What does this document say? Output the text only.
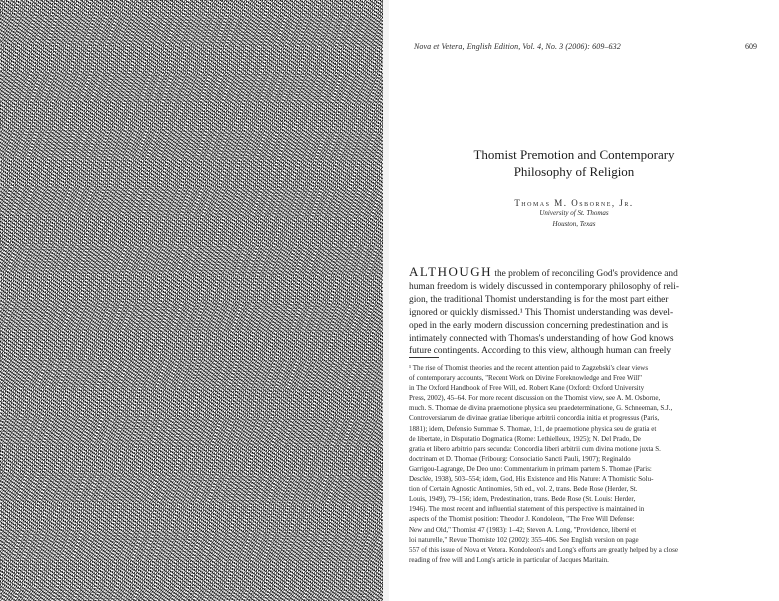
Nova et Vetera, English Edition, Vol. 4, No. 3 (2006): 609–632	609
Thomist Premotion and Contemporary
Philosophy of Religion
Thomas M. Osborne, Jr.
University of St. Thomas
Houston, Texas
ALTHOUGH the problem of reconciling God's providence and
human freedom is widely discussed in contemporary philosophy of reli-
gion, the traditional Thomist understanding is for the most part either
ignored or quickly dismissed.¹ This Thomist understanding was devel-
oped in the early modern discussion concerning predestination and is
intimately connected with Thomas's understanding of how God knows
future contingents. According to this view, although human can freely
¹ The rise of Thomist theories and the recent attention paid to Zagzebski's clear views
of contemporary accounts, "Recent Work on Divine Foreknowledge and Free Will"
in The Oxford Handbook of Free Will, ed. Robert Kane (Oxford: Oxford University
Press, 2002), 45–64. For more recent discussion on the Thomist view, see A. M. Osborne,
much. S. Thomae de divina praemotione physica seu praedeterminatione, G. Schneeman, S.J.,
Controversiarum de divinae gratiae liberique arbitrii concordia initia et progressus (Paris,
1881); idem, Defensio Summae S. Thomae, 1:1, de praemotione physica seu de gratia et
de libertate, in Disputatio Dogmatica (Rome: Lethielleux, 1925); N. Del Prado, De
gratia et libero arbitrio pars secunda: Concordia liberi arbitrii cum divina motione juxta S.
doctrinam et D. Thomae (Fribourg: Consociatio Sancti Pauli, 1907); Reginaldo
Garrigou-Lagrange, De Deo uno: Commentarium in primam partem S. Thomae (Paris:
Desclée, 1938), 503–554; idem, God, His Existence and His Nature: A Thomistic Solu-
tion of Certain Agnostic Antinomies, 5th ed., vol. 2, trans. Bede Rose (Herder, St.
Louis, 1949), 79–156; idem, Predestination, trans. Bede Rose (St. Louis: Herder,
1946). The most recent and influential statement of this perspective is maintained in
aspects of the Thomist position: Theodor J. Kondoleon, "The Free Will Defense:
New and Old," Thomist 47 (1983): 1–42; Steven A. Long, "Providence, liberté et
loi naturelle," Revue Thomiste 102 (2002): 355–406. See English version on page
557 of this issue of Nova et Vetera. Kondoleon's and Long's efforts are greatly helped by a close
reading of free will and Long's article in particular of Jacques Maritain.
